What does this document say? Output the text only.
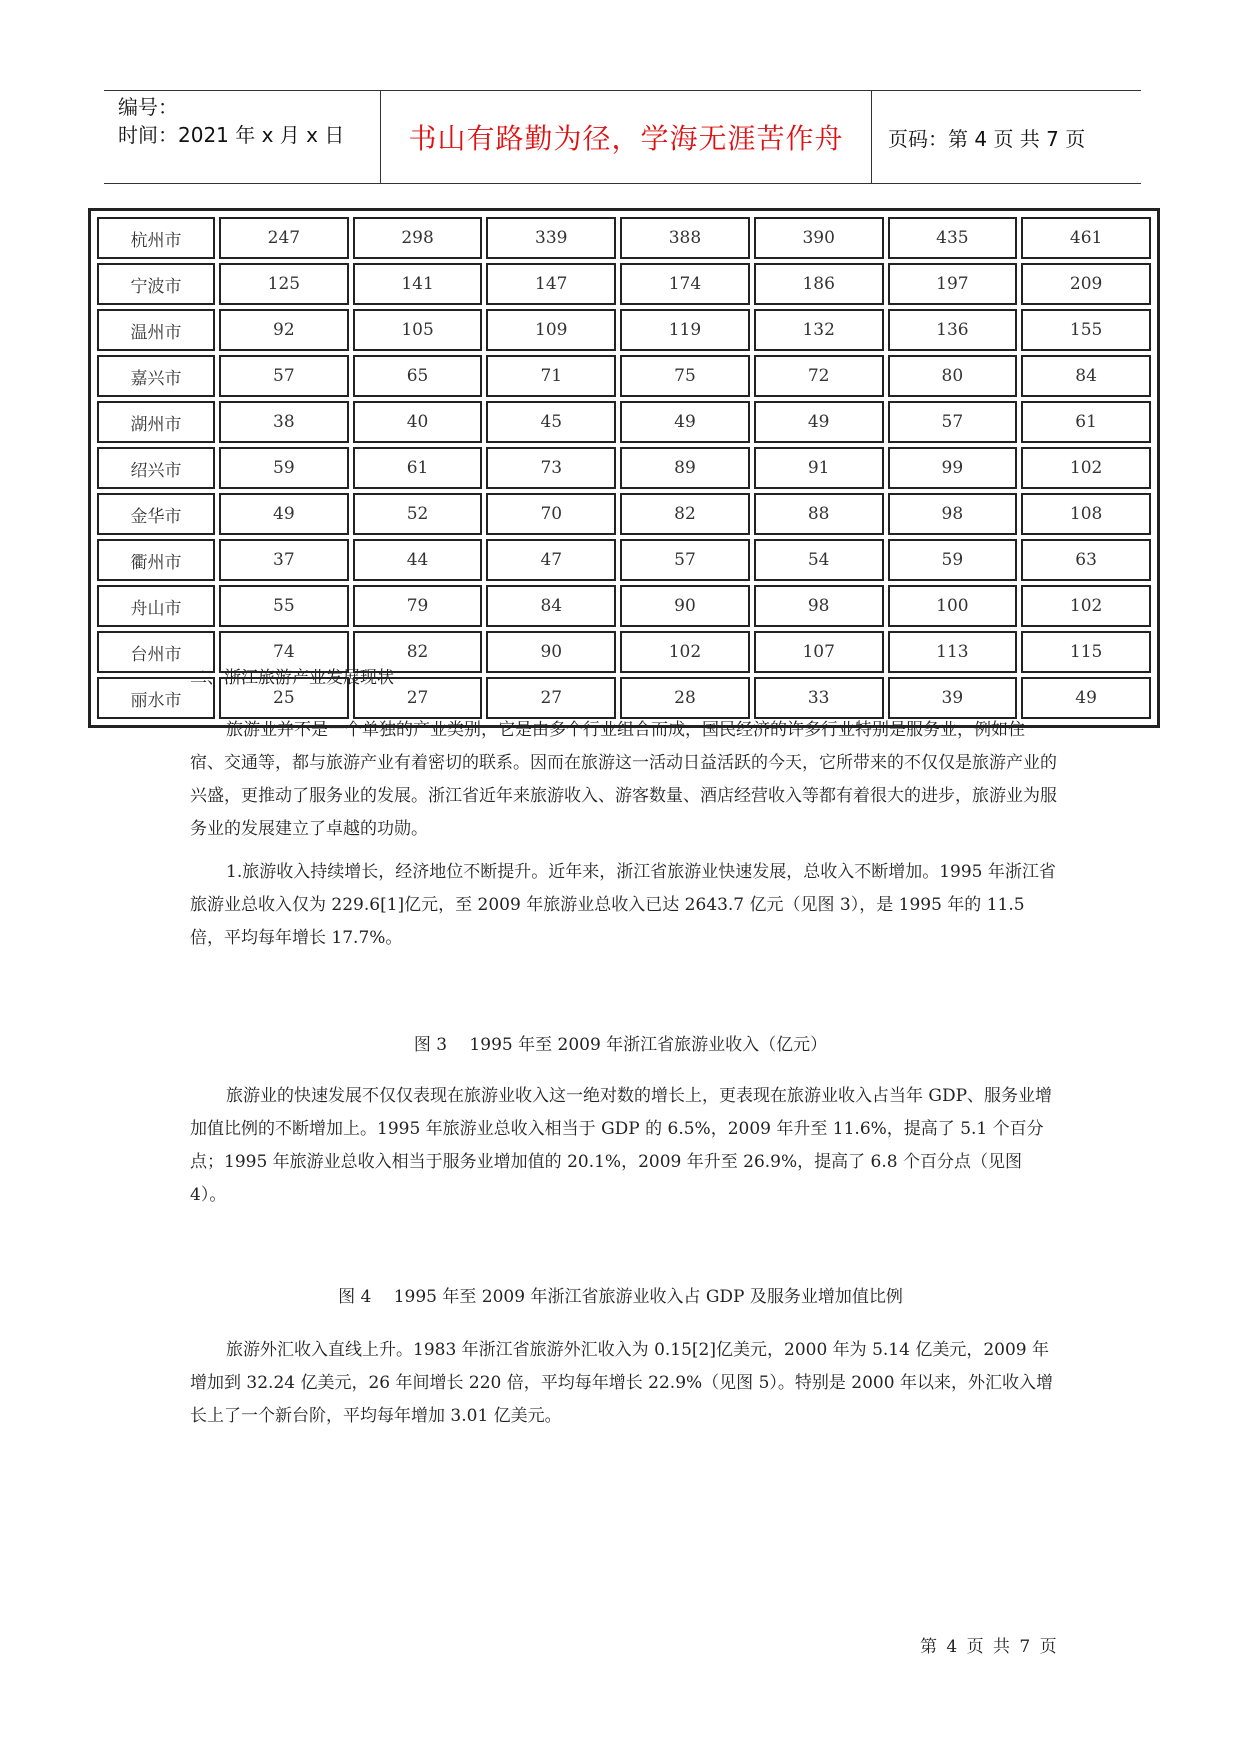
编号：
时间：2021 年 x 月 x 日	书山有路勤为径，学海无涯苦作舟	页码：第 4 页 共 7 页
杭州市	247	298	339	388	390	435	461
宁波市	125	141	147	174	186	197	209
温州市	92	105	109	119	132	136	155
嘉兴市	57	65	71	75	72	80	84
湖州市	38	40	45	49	49	57	61
绍兴市	59	61	73	89	91	99	102
金华市	49	52	70	82	88	98	108
衢州市	37	44	47	57	54	59	63
舟山市	55	79	84	90	98	100	102
台州市	74	82	90	102	107	113	115
丽水市	25	27	27	28	33	39	49
二、浙江旅游产业发展现状
旅游业并不是一个单独的产业类别，它是由多个行业组合而成，国民经济的许多行业特别是服务业，例如住宿、交通等，都与旅游产业有着密切的联系。因而在旅游这一活动日益活跃的今天，它所带来的不仅仅是旅游产业的兴盛，更推动了服务业的发展。浙江省近年来旅游收入、游客数量、酒店经营收入等都有着很大的进步，旅游业为服务业的发展建立了卓越的功勋。
1.旅游收入持续增长，经济地位不断提升。近年来，浙江省旅游业快速发展，总收入不断增加。1995 年浙江省旅游业总收入仅为 229.6[1]亿元，至 2009 年旅游业总收入已达 2643.7 亿元（见图 3），是 1995 年的 11.5 倍，平均每年增长 17.7%。
图 3　 1995 年至 2009 年浙江省旅游业收入（亿元）
旅游业的快速发展不仅仅表现在旅游业收入这一绝对数的增长上，更表现在旅游业收入占当年 GDP、服务业增加值比例的不断增加上。1995 年旅游业总收入相当于 GDP 的 6.5%，2009 年升至 11.6%，提高了 5.1 个百分点；1995 年旅游业总收入相当于服务业增加值的 20.1%，2009 年升至 26.9%，提高了 6.8 个百分点（见图 4）。
图 4　 1995 年至 2009 年浙江省旅游业收入占 GDP 及服务业增加值比例
旅游外汇收入直线上升。1983 年浙江省旅游外汇收入为 0.15[2]亿美元，2000 年为 5.14 亿美元，2009 年增加到 32.24 亿美元，26 年间增长 220 倍，平均每年增长 22.9%（见图 5）。特别是 2000 年以来，外汇收入增长上了一个新台阶，平均每年增加 3.01 亿美元。
第 4 页 共 7 页
